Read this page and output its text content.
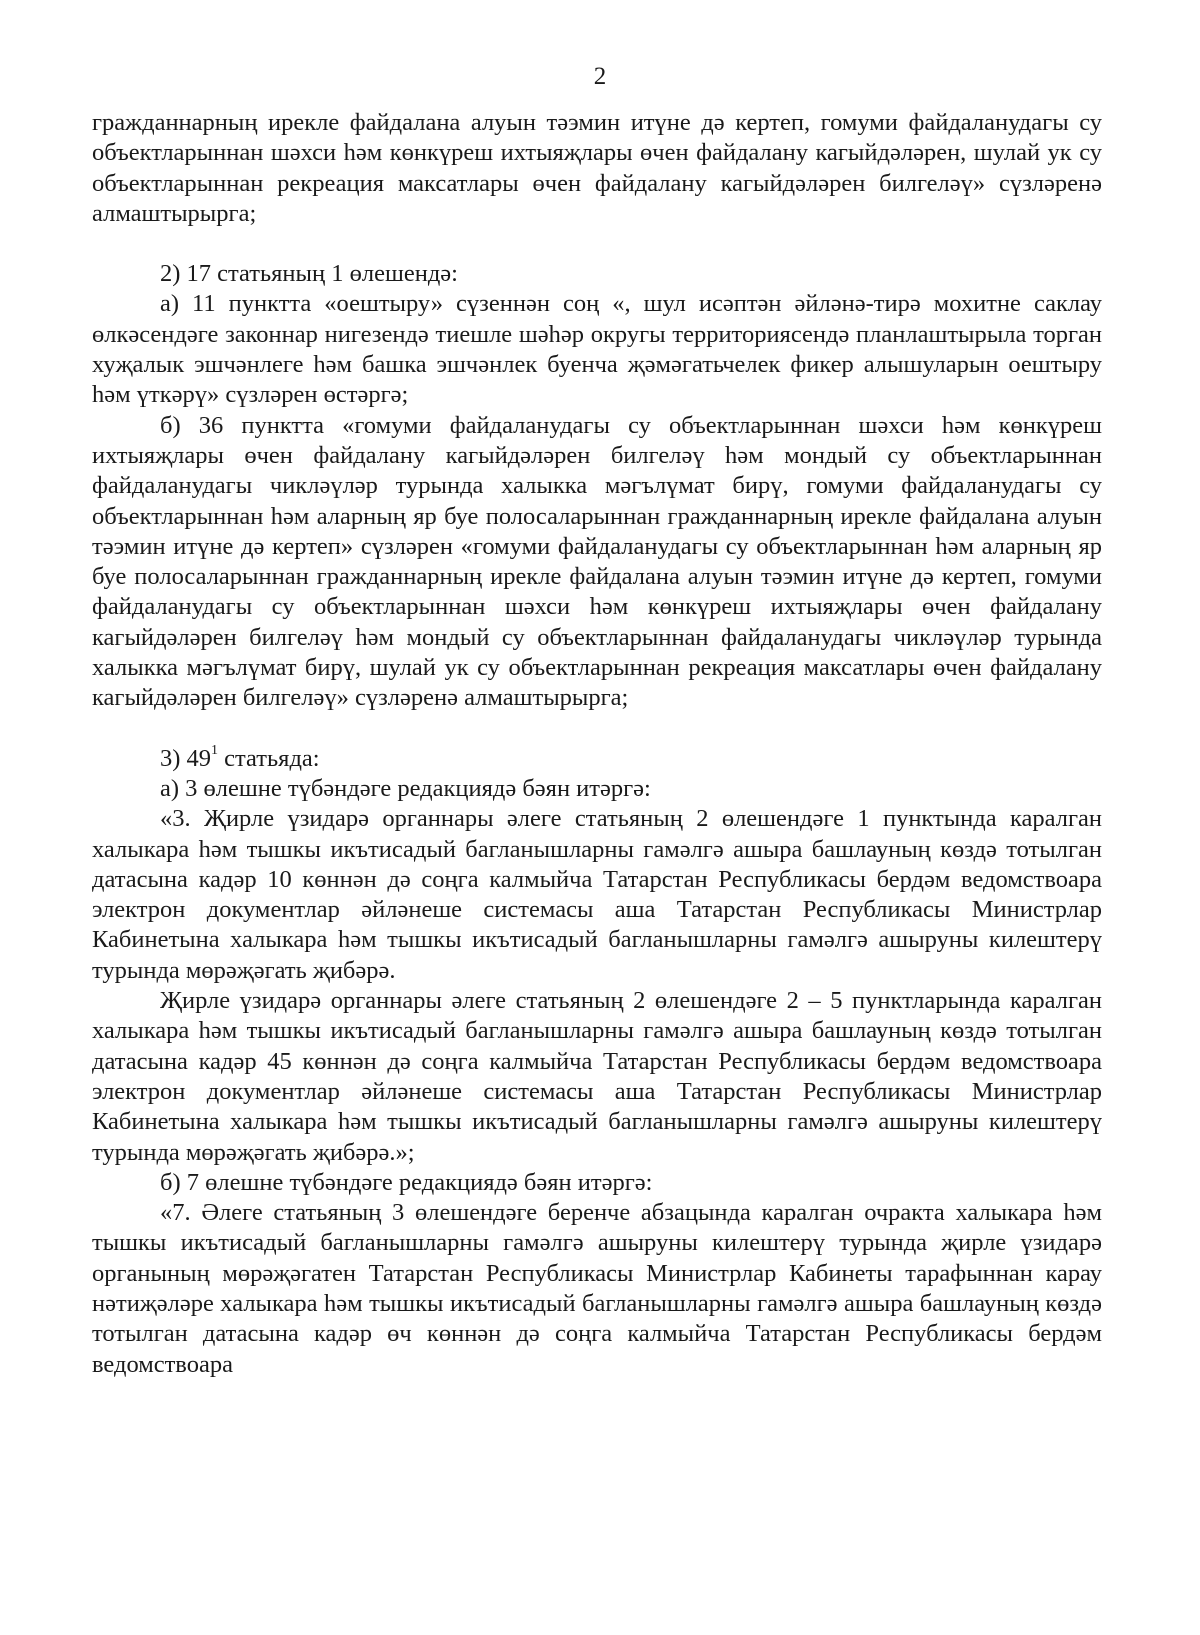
2

гражданнарның ирекле файдалана алуын тәэмин итүне дә кертеп, гомуми файдаланудагы су объектларыннан шәхси һәм көнкүреш ихтыяҗлары өчен файдалану кагыйдәләрен, шулай ук су объектларыннан рекреация максатлары өчен файдалану кагыйдәләрен билгеләү» сүзләренә алмаштырырга;

2) 17 статьяның 1 өлешендә:

а) 11 пунктта «оештыру» сүзеннән соң «, шул исәптән әйләнә-тирә мохитне саклау өлкәсендәге законнар нигезендә тиешле шәһәр округы территориясендә планлаштырыла торган хуҗалык эшчәнлеге һәм башка эшчәнлек буенча җәмәгатьчелек фикер алышуларын оештыру һәм үткәрү» сүзләрен өстәргә;

б) 36 пунктта «гомуми файдаланудагы су объектларыннан шәхси һәм көнкүреш ихтыяҗлары өчен файдалану кагыйдәләрен билгеләү һәм мондый су объектларыннан файдаланудагы чикләүләр турында халыкка мәгълүмат бирү, гомуми файдаланудагы су объектларыннан һәм аларның яр буе полосаларыннан гражданнарның ирекле файдалана алуын тәэмин итүне дә кертеп» сүзләрен «гомуми файдаланудагы су объектларыннан һәм аларның яр буе полосаларыннан гражданнарның ирекле файдалана алуын тәэмин итүне дә кертеп, гомуми файдаланудагы су объектларыннан шәхси һәм көнкүреш ихтыяҗлары өчен файдалану кагыйдәләрен билгеләү һәм мондый су объектларыннан файдаланудагы чикләүләр турында халыкка мәгълүмат бирү, шулай ук су объектларыннан рекреация максатлары өчен файдалану кагыйдәләрен билгеләү» сүзләренә алмаштырырга;

3) $49^1$ статьяда:

а) 3 өлешне түбәндәге редакциядә бәян итәргә:

«3. Җирле үзидарә органнары әлеге статьяның 2 өлешендәге 1 пунктында каралган халыкара һәм тышкы икътисадый багланышларны гамәлгә ашыра башлауның көздә тотылган датасына кадәр 10 көннән дә соңга калмыйча Татарстан Республикасы бердәм ведомствоара электрон документлар әйләнеше системасы аша Татарстан Республикасы Министрлар Кабинетына халыкара һәм тышкы икътисадый багланышларны гамәлгә ашыруны килештерү турында мөрәҗәгать җибәрә.

Җирле үзидарә органнары әлеге статьяның 2 өлешендәге 2 – 5 пунктларында каралган халыкара һәм тышкы икътисадый багланышларны гамәлгә ашыра башлауның көздә тотылган датасына кадәр 45 көннән дә соңга калмыйча Татарстан Республикасы бердәм ведомствоара электрон документлар әйләнеше системасы аша Татарстан Республикасы Министрлар Кабинетына халыкара һәм тышкы икътисадый багланышларны гамәлгә ашыруны килештерү турында мөрәҗәгать җибәрә.»;

б) 7 өлешне түбәндәге редакциядә бәян итәргә:

«7. Әлеге статьяның 3 өлешендәге беренче абзацында каралган очракта халыкара һәм тышкы икътисадый багланышларны гамәлгә ашыруны килештерү турында җирле үзидарә органының мөрәҗәгатен Татарстан Республикасы Министрлар Кабинеты тарафыннан карау нәтиҗәләре халыкара һәм тышкы икътисадый багланышларны гамәлгә ашыра башлауның көздә тотылган датасына кадәр өч көннән дә соңга калмыйча Татарстан Республикасы бердәм ведомствоара
